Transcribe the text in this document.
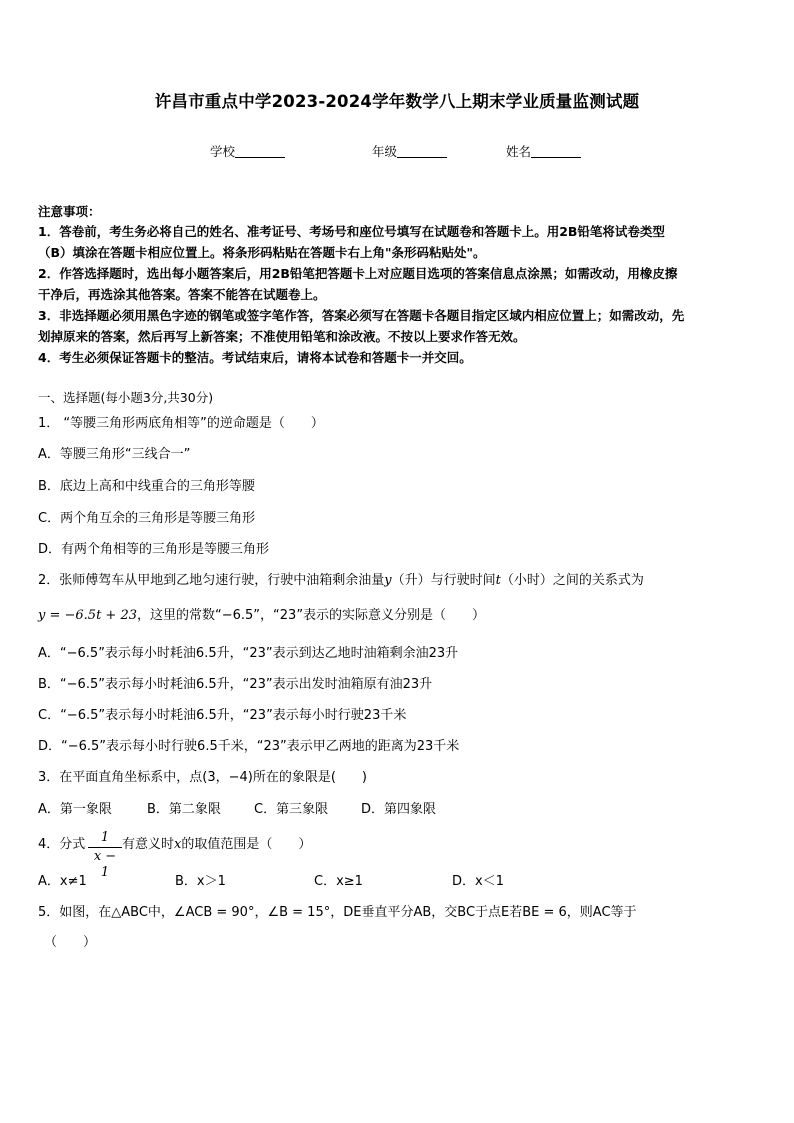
许昌市重点中学2023-2024学年数学八上期末学业质量监测试题
学校	年级	姓名
注意事项：
1．答卷前，考生务必将自己的姓名、准考证号、考场号和座位号填写在试题卷和答题卡上。用2B铅笔将试卷类型
（B）填涂在答题卡相应位置上。将条形码粘贴在答题卡右上角"条形码粘贴处"。
2．作答选择题时，选出每小题答案后，用2B铅笔把答题卡上对应题目选项的答案信息点涂黑；如需改动，用橡皮擦
干净后，再选涂其他答案。答案不能答在试题卷上。
3．非选择题必须用黑色字迹的钢笔或签字笔作答，答案必须写在答题卡各题目指定区域内相应位置上；如需改动，先
划掉原来的答案，然后再写上新答案；不准使用铅笔和涂改液。不按以上要求作答无效。
4．考生必须保证答题卡的整洁。考试结束后，请将本试卷和答题卡一并交回。
一、选择题(每小题3分,共30分)
1． “等腰三角形两底角相等”的逆命题是（　　）
A．等腰三角形“三线合一”
B．底边上高和中线重合的三角形等腰
C．两个角互余的三角形是等腰三角形
D．有两个角相等的三角形是等腰三角形
2．张师傅驾车从甲地到乙地匀速行驶，行驶中油箱剩余油量y（升）与行驶时间t（小时）之间的关系式为
y = −6.5t + 23，这里的常数“−6.5”，“23”表示的实际意义分别是（　　）
A．“−6.5”表示每小时耗油6.5升，“23”表示到达乙地时油箱剩余油23升
B．“−6.5”表示每小时耗油6.5升，“23”表示出发时油箱原有油23升
C．“−6.5”表示每小时耗油6.5升，“23”表示每小时行驶23千米
D．“−6.5”表示每小时行驶6.5千米，“23”表示甲乙两地的距离为23千米
3．在平面直角坐标系中，点(3，−4)所在的象限是(　　)
A．第一象限	B．第二象限	C．第三象限	D．第四象限
4．分式	1
x − 1
有意义时x的取值范围是（　　）
A．x≠1	B．x＞1	C．x≥1	D．x＜1
5．如图，在△ABC中，∠ACB = 90°，∠B = 15°，DE垂直平分AB，交BC于点E若BE = 6，则AC等于
（　　）
